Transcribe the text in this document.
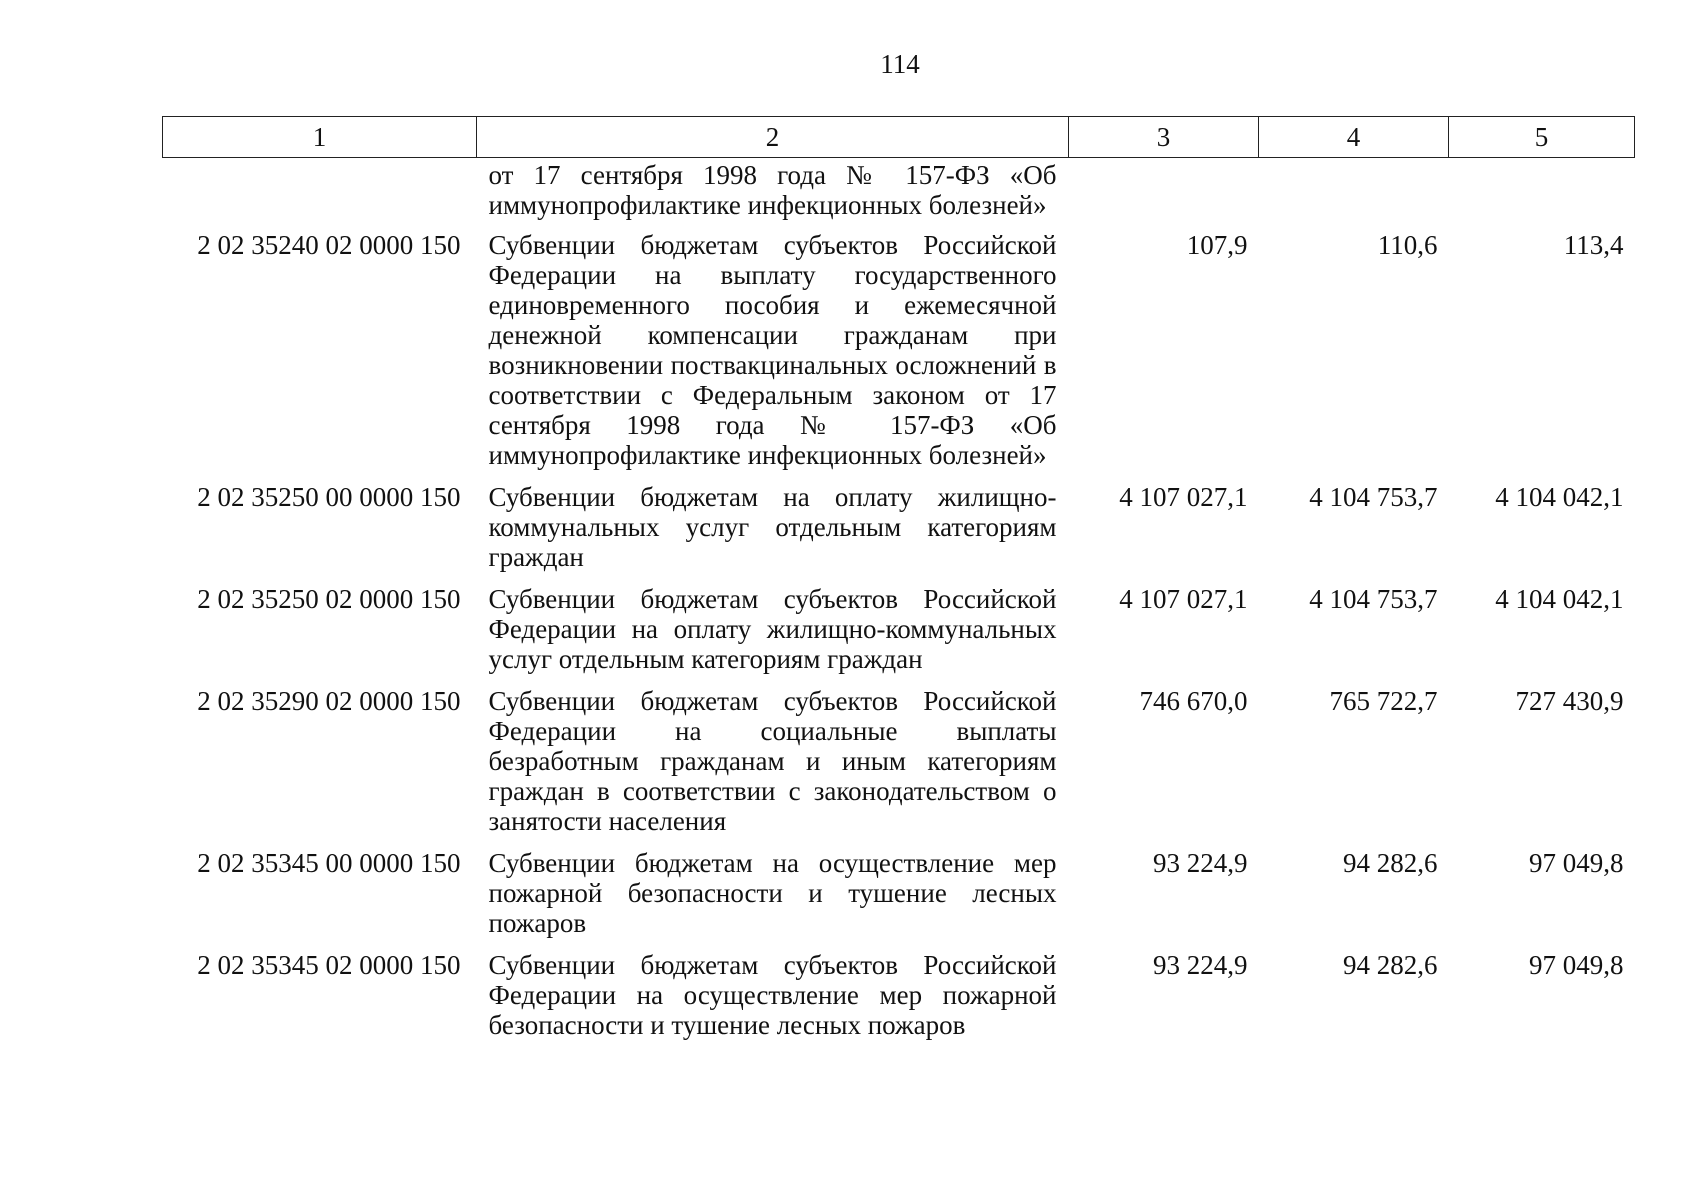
114
1	2	3	4	5
	от 17 сентября 1998 года № 157-ФЗ «Об иммунопрофилактике инфекционных болезней»			
2 02 35240 02 0000 150	Субвенции бюджетам субъектов Российской Федерации на выплату государственного единовременного пособия и ежемесячной денежной компенсации гражданам при возникновении поствакцинальных осложнений в соответствии с Федеральным законом от 17 сентября 1998 года № 157-ФЗ «Об иммунопрофилактике инфекционных болезней»	107,9	110,6	113,4
2 02 35250 00 0000 150	Субвенции бюджетам на оплату жилищно-коммунальных услуг отдельным категориям граждан	4 107 027,1	4 104 753,7	4 104 042,1
2 02 35250 02 0000 150	Субвенции бюджетам субъектов Российской Федерации на оплату жилищно-коммунальных услуг отдельным категориям граждан	4 107 027,1	4 104 753,7	4 104 042,1
2 02 35290 02 0000 150	Субвенции бюджетам субъектов Российской Федерации на социальные выплаты безработным гражданам и иным категориям граждан в соответствии с законодательством о занятости населения	746 670,0	765 722,7	727 430,9
2 02 35345 00 0000 150	Субвенции бюджетам на осуществление мер пожарной безопасности и тушение лесных пожаров	93 224,9	94 282,6	97 049,8
2 02 35345 02 0000 150	Субвенции бюджетам субъектов Российской Федерации на осуществление мер пожарной безопасности и тушение лесных пожаров	93 224,9	94 282,6	97 049,8
